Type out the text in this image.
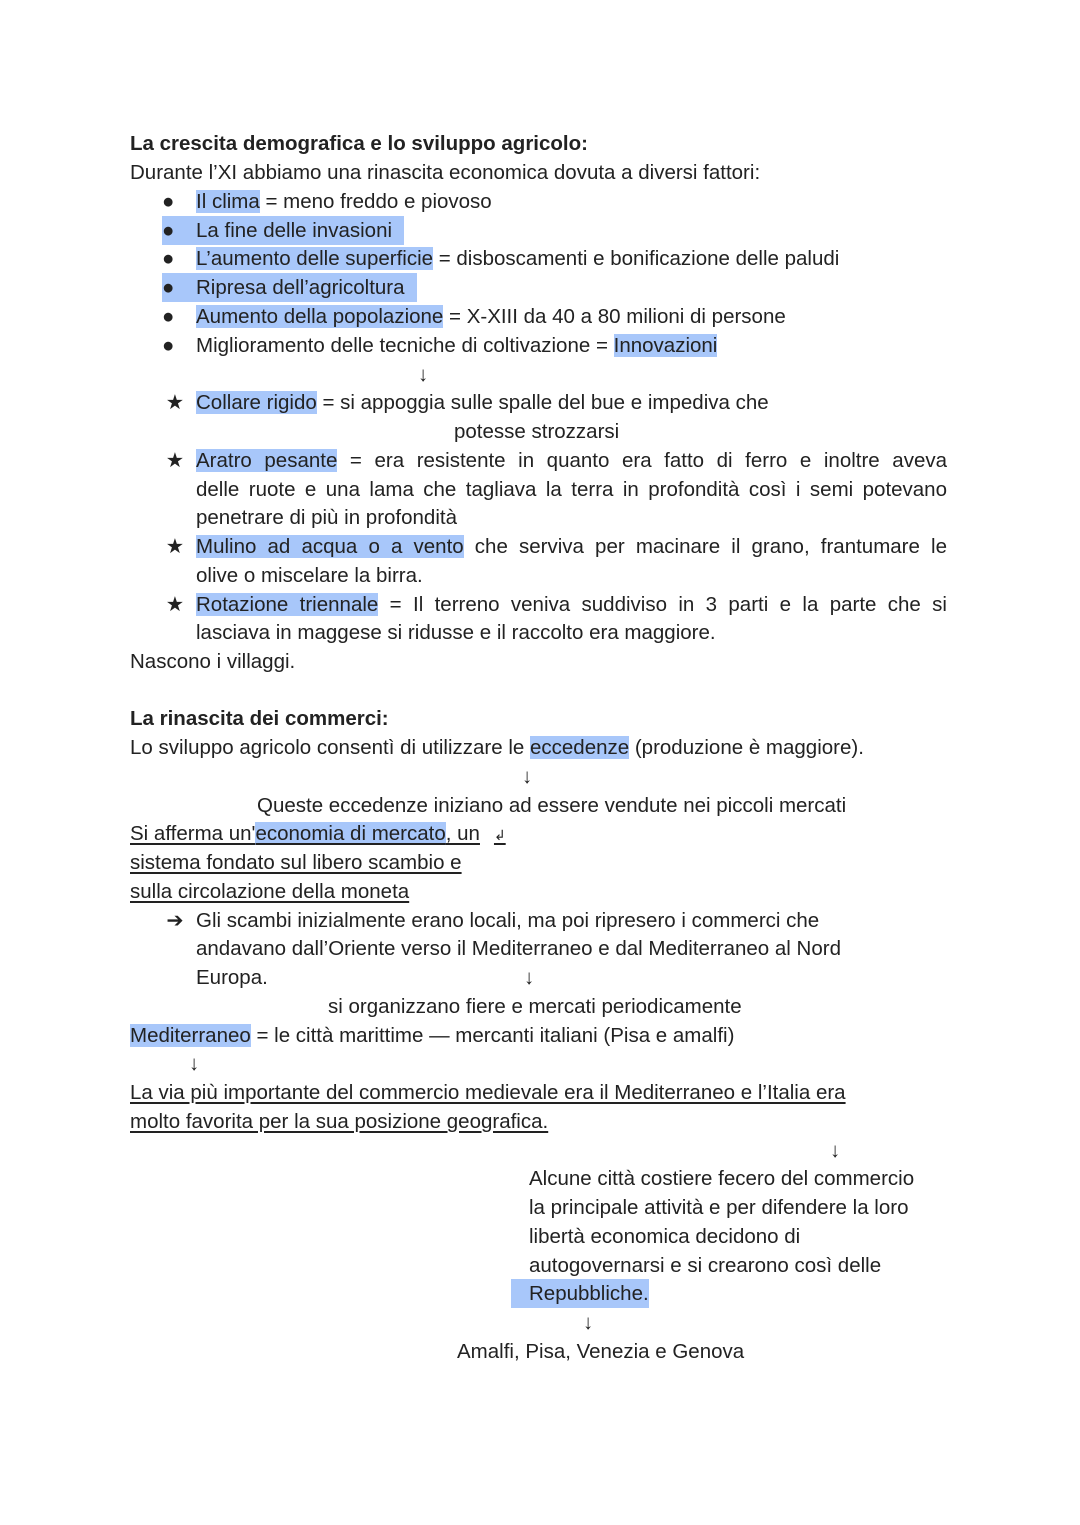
La crescita demografica e lo sviluppo agricolo:
Durante l’XI abbiamo una rinascita economica dovuta a diversi fattori:
● Il clima = meno freddo e piovoso
● La fine delle invasioni
● L’aumento delle superficie = disboscamenti e bonificazione delle paludi
● Ripresa dell’agricoltura
● Aumento della popolazione = X-XIII da 40 a 80 milioni di persone
● Miglioramento delle tecniche di coltivazione = Innovazioni
↓
★ Collare rigido = si appoggia sulle spalle del bue e impediva che
potesse strozzarsi
★ Aratro pesante = era resistente in quanto era fatto di ferro e inoltre aveva
delle ruote e una lama che tagliava la terra in profondità così i semi potevano
penetrare di più in profondità
★ Mulino ad acqua o a vento che serviva per macinare il grano, frantumare le
olive o miscelare la birra.
★ Rotazione triennale = Il terreno veniva suddiviso in 3 parti e la parte che si
lasciava in maggese si ridusse e il raccolto era maggiore.
Nascono i villaggi.
La rinascita dei commerci:
Lo sviluppo agricolo consentì di utilizzare le eccedenze (produzione è maggiore).
↓
Queste eccedenze iniziano ad essere vendute nei piccoli mercati
Si afferma un'economia di mercato, un ↲
sistema fondato sul libero scambio e
sulla circolazione della moneta
➔ Gli scambi inizialmente erano locali, ma poi ripresero i commerci che
andavano dall’Oriente verso il Mediterraneo e dal Mediterraneo al Nord
Europa.	↓
si organizzano fiere e mercati periodicamente
Mediterraneo = le città marittime — mercanti italiani (Pisa e amalfi)
↓
La via più importante del commercio medievale era il Mediterraneo e l’Italia era
molto favorita per la sua posizione geografica.
↓
Alcune città costiere fecero del commercio
la principale attività e per difendere la loro
libertà economica decidono di
autogovernarsi e si crearono così delle
Repubbliche.
↓
Amalfi, Pisa, Venezia e Genova
